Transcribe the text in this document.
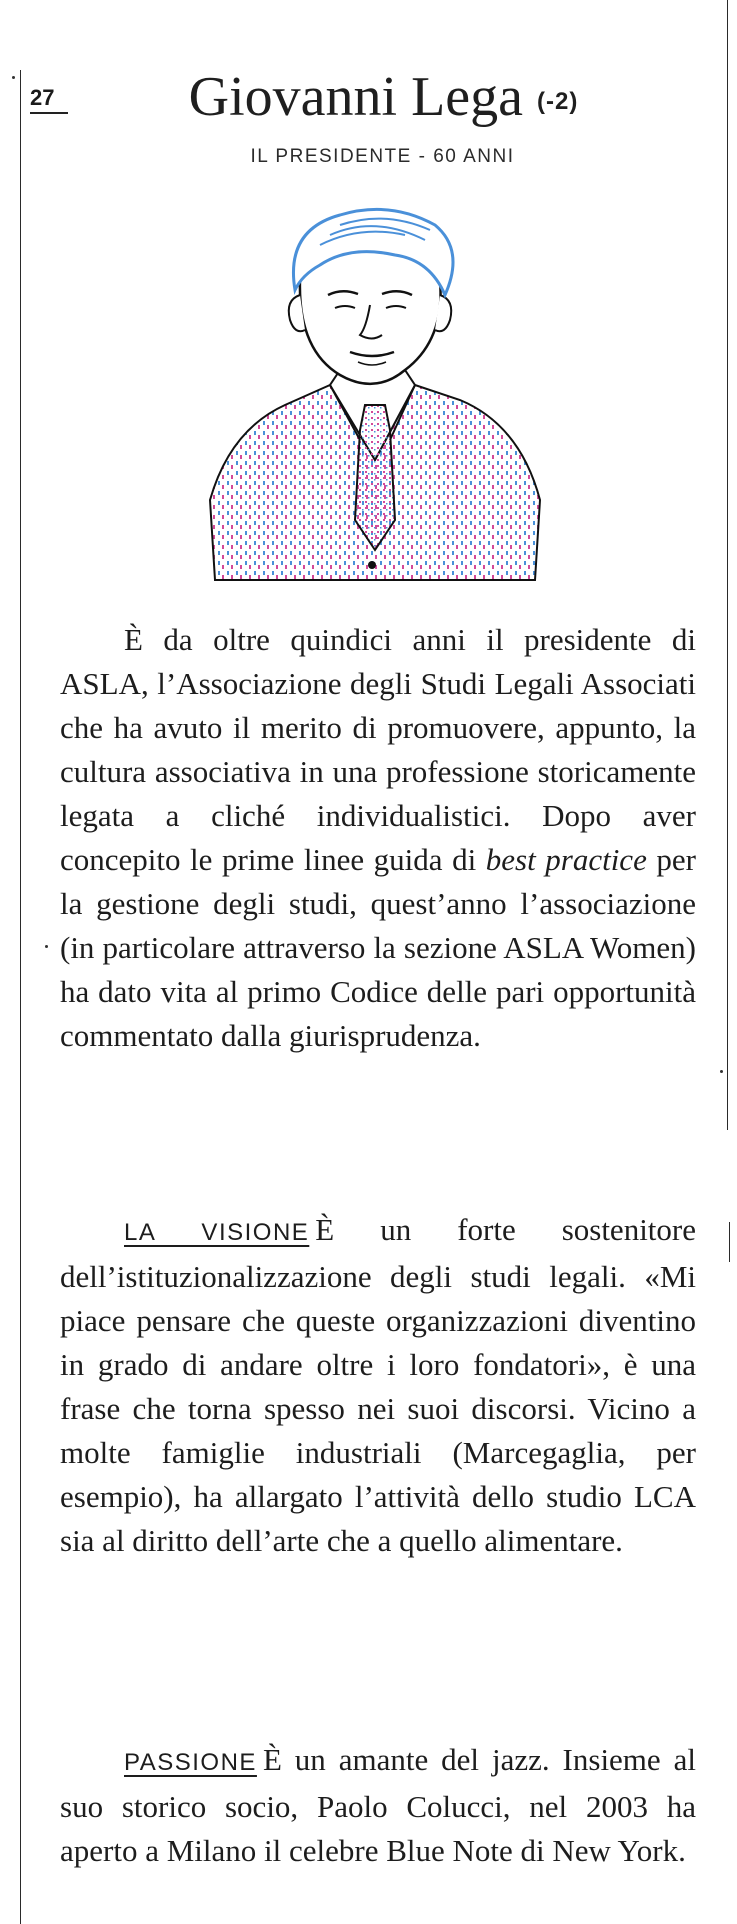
27	Giovanni Lega (-2)
IL PRESIDENTE - 60 ANNI
È da oltre quindici anni il presidente di ASLA, l’Associazione degli Studi Legali Associati che ha avuto il merito di promuovere, appunto, la cultura associativa in una professione storicamente legata a cliché individualistici. Dopo aver concepito le prime linee guida di best practice per la gestione degli studi, quest’anno l’associazione (in particolare attraverso la sezione ASLA Women) ha dato vita al primo Codice delle pari opportunità commentato dalla giurisprudenza.
LA VISIONE È un forte sostenitore dell’istituzionalizzazione degli studi legali. «Mi piace pensare che queste organizzazioni diventino in grado di andare oltre i loro fondatori», è una frase che torna spesso nei suoi discorsi. Vicino a molte famiglie industriali (Marcegaglia, per esempio), ha allargato l’attività dello studio LCA sia al diritto dell’arte che a quello alimentare.
PASSIONE È un amante del jazz. Insieme al suo storico socio, Paolo Colucci, nel 2003 ha aperto a Milano il celebre Blue Note di New York.
